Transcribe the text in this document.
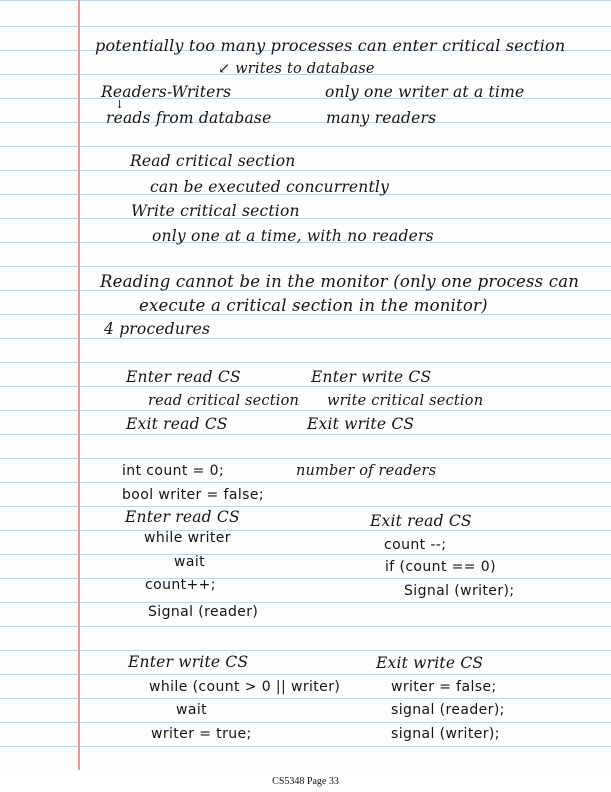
potentially too many processes can enter critical section
↙ writes to database
Readers-Writers	only one writer at a time
↓
reads from database	many readers
Read critical section
can be executed concurrently
Write critical section
only one at a time, with no readers
Reading cannot be in the monitor (only one process can
execute a critical section in the monitor)
4 procedures
Enter read CS	Enter write CS
read critical section write critical section
Exit read CS	Exit write CS
int count = 0;	number of readers
bool writer = false;
Enter read CS
while writer
wait
count++;
Signal (reader)
Exit read CS
count --;
if (count == 0)
Signal (writer);
Enter write CS
while (count > 0 || writer)
wait
writer = true;
Exit write CS
writer = false;
signal (reader);
signal (writer);
CS5348 Page 33
